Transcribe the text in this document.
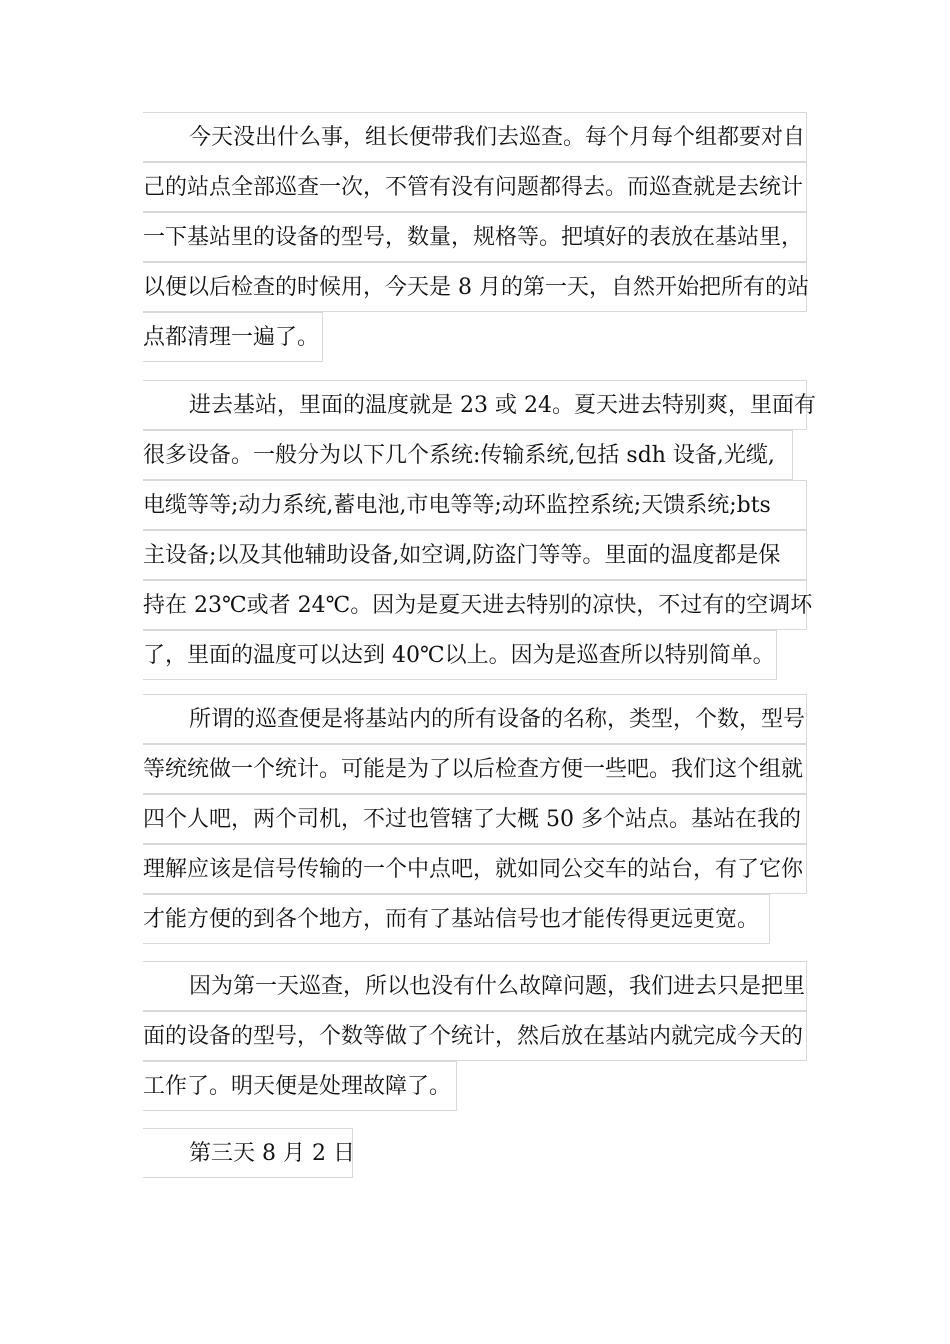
今天没出什么事，组长便带我们去巡查。每个月每个组都要对自
己的站点全部巡查一次，不管有没有问题都得去。而巡查就是去统计
一下基站里的设备的型号，数量，规格等。把填好的表放在基站里，
以便以后检查的时候用，今天是 8 月的第一天，自然开始把所有的站
点都清理一遍了。
进去基站，里面的温度就是 23 或 24。夏天进去特别爽，里面有
很多设备。一般分为以下几个系统:传输系统,包括 sdh 设备,光缆,
电缆等等;动力系统,蓄电池,市电等等;动环监控系统;天馈系统;bts
主设备;以及其他辅助设备,如空调,防盗门等等。里面的温度都是保
持在 23℃或者 24℃。因为是夏天进去特别的凉快，不过有的空调坏
了，里面的温度可以达到 40℃以上。因为是巡查所以特别简单。
所谓的巡查便是将基站内的所有设备的名称，类型，个数，型号
等统统做一个统计。可能是为了以后检查方便一些吧。我们这个组就
四个人吧，两个司机，不过也管辖了大概 50 多个站点。基站在我的
理解应该是信号传输的一个中点吧，就如同公交车的站台，有了它你
才能方便的到各个地方，而有了基站信号也才能传得更远更宽。
因为第一天巡查，所以也没有什么故障问题，我们进去只是把里
面的设备的型号，个数等做了个统计，然后放在基站内就完成今天的
工作了。明天便是处理故障了。
第三天 8 月 2 日
